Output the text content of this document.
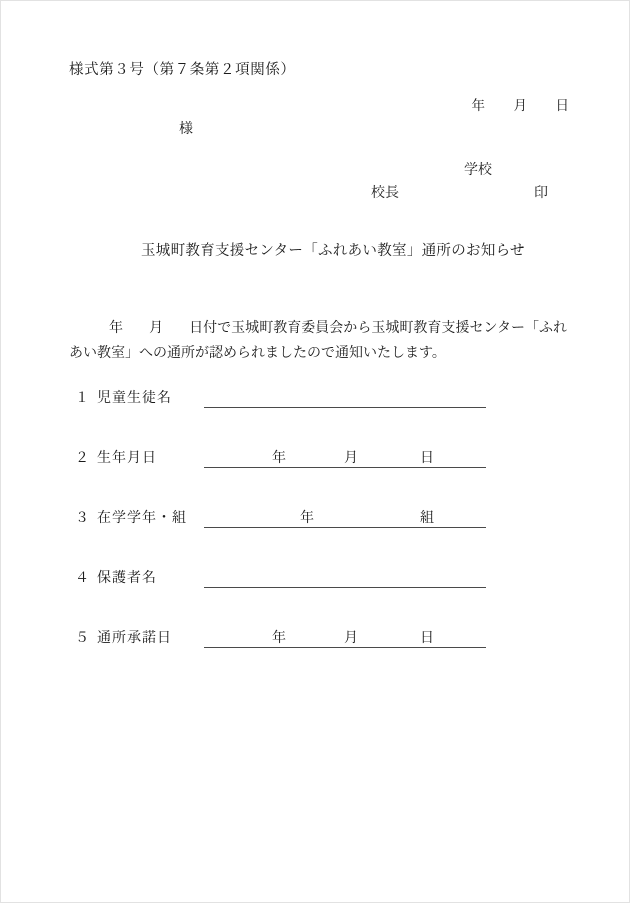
様式第３号（第７条第２項関係）

年 月 日

様
学校
校長	印
玉城町教育支援センター「ふれあい教室」通所のお知らせ

年 月 日付で玉城町教育委員会から玉城町教育支援センター「ふれあい教室」への通所が認められましたので通知いたします。

１ 児童生徒名
２ 生年月日	年	月	日
３ 在学学年・組	年	組
４ 保護者名
５ 通所承諾日	年	月	日
